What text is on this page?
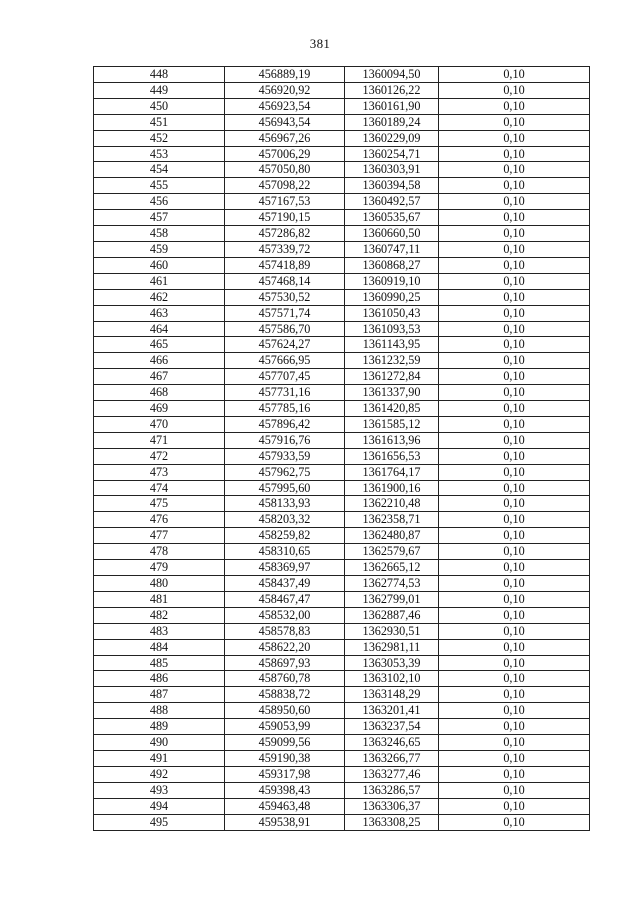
381
448	456889,19	1360094,50	0,10
449	456920,92	1360126,22	0,10
450	456923,54	1360161,90	0,10
451	456943,54	1360189,24	0,10
452	456967,26	1360229,09	0,10
453	457006,29	1360254,71	0,10
454	457050,80	1360303,91	0,10
455	457098,22	1360394,58	0,10
456	457167,53	1360492,57	0,10
457	457190,15	1360535,67	0,10
458	457286,82	1360660,50	0,10
459	457339,72	1360747,11	0,10
460	457418,89	1360868,27	0,10
461	457468,14	1360919,10	0,10
462	457530,52	1360990,25	0,10
463	457571,74	1361050,43	0,10
464	457586,70	1361093,53	0,10
465	457624,27	1361143,95	0,10
466	457666,95	1361232,59	0,10
467	457707,45	1361272,84	0,10
468	457731,16	1361337,90	0,10
469	457785,16	1361420,85	0,10
470	457896,42	1361585,12	0,10
471	457916,76	1361613,96	0,10
472	457933,59	1361656,53	0,10
473	457962,75	1361764,17	0,10
474	457995,60	1361900,16	0,10
475	458133,93	1362210,48	0,10
476	458203,32	1362358,71	0,10
477	458259,82	1362480,87	0,10
478	458310,65	1362579,67	0,10
479	458369,97	1362665,12	0,10
480	458437,49	1362774,53	0,10
481	458467,47	1362799,01	0,10
482	458532,00	1362887,46	0,10
483	458578,83	1362930,51	0,10
484	458622,20	1362981,11	0,10
485	458697,93	1363053,39	0,10
486	458760,78	1363102,10	0,10
487	458838,72	1363148,29	0,10
488	458950,60	1363201,41	0,10
489	459053,99	1363237,54	0,10
490	459099,56	1363246,65	0,10
491	459190,38	1363266,77	0,10
492	459317,98	1363277,46	0,10
493	459398,43	1363286,57	0,10
494	459463,48	1363306,37	0,10
495	459538,91	1363308,25	0,10
